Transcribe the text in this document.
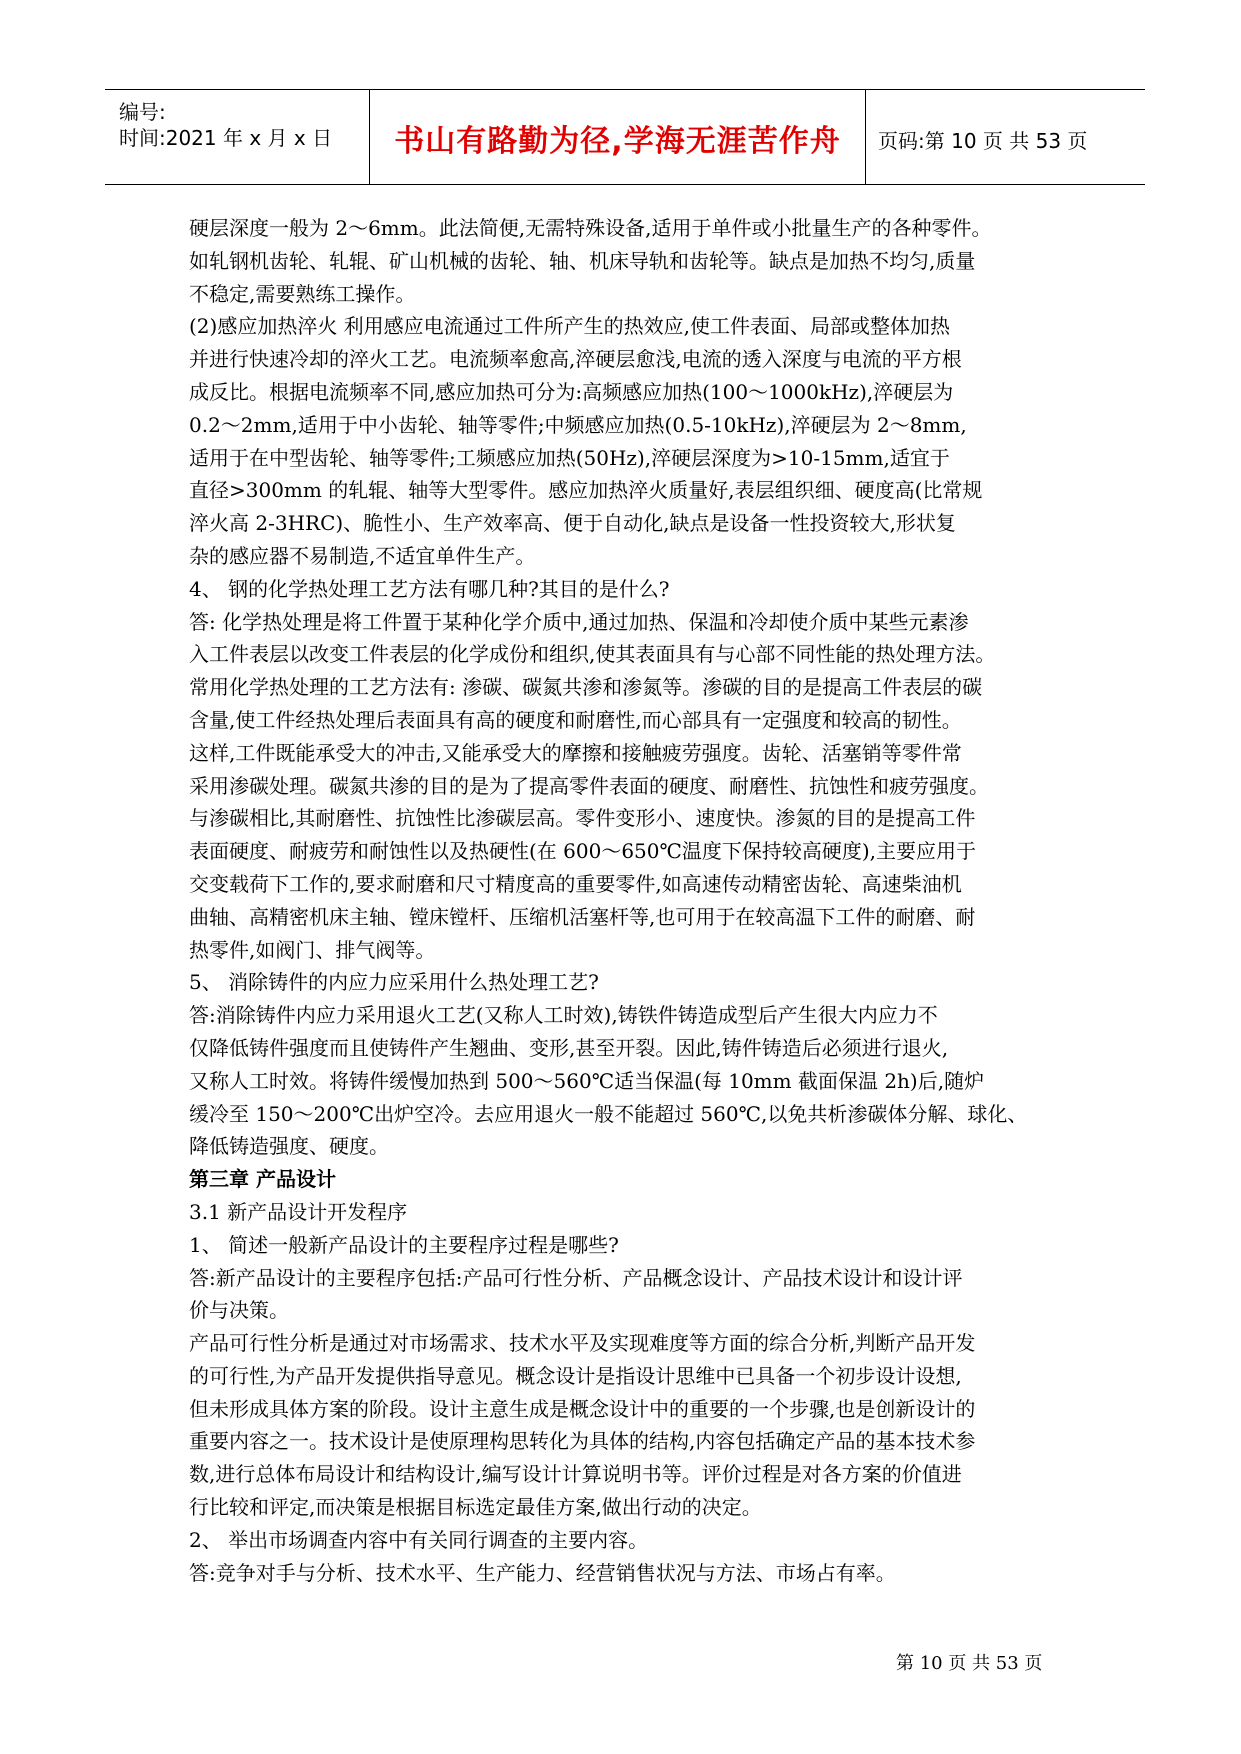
编号:
时间:2021 年 x 月 x 日	书山有路勤为径,学海无涯苦作舟	页码:第 10 页 共 53 页
硬层深度一般为 2～6mm。此法简便,无需特殊设备,适用于单件或小批量生产的各种零件。
如轧钢机齿轮、轧辊、矿山机械的齿轮、轴、机床导轨和齿轮等。缺点是加热不均匀,质量
不稳定,需要熟练工操作。
(2)感应加热淬火 利用感应电流通过工件所产生的热效应,使工件表面、局部或整体加热
并进行快速冷却的淬火工艺。电流频率愈高,淬硬层愈浅,电流的透入深度与电流的平方根
成反比。根据电流频率不同,感应加热可分为:高频感应加热(100～1000kHz),淬硬层为
0.2～2mm,适用于中小齿轮、轴等零件;中频感应加热(0.5-10kHz),淬硬层为 2～8mm,
适用于在中型齿轮、轴等零件;工频感应加热(50Hz),淬硬层深度为>10-15mm,适宜于
直径>300mm 的轧辊、轴等大型零件。感应加热淬火质量好,表层组织细、硬度高(比常规
淬火高 2-3HRC)、脆性小、生产效率高、便于自动化,缺点是设备一性投资较大,形状复
杂的感应器不易制造,不适宜单件生产。
4、 钢的化学热处理工艺方法有哪几种?其目的是什么?
答: 化学热处理是将工件置于某种化学介质中,通过加热、保温和冷却使介质中某些元素渗
入工件表层以改变工件表层的化学成份和组织,使其表面具有与心部不同性能的热处理方法。
常用化学热处理的工艺方法有: 渗碳、碳氮共渗和渗氮等。渗碳的目的是提高工件表层的碳
含量,使工件经热处理后表面具有高的硬度和耐磨性,而心部具有一定强度和较高的韧性。
这样,工件既能承受大的冲击,又能承受大的摩擦和接触疲劳强度。齿轮、活塞销等零件常
采用渗碳处理。碳氮共渗的目的是为了提高零件表面的硬度、耐磨性、抗蚀性和疲劳强度。
与渗碳相比,其耐磨性、抗蚀性比渗碳层高。零件变形小、速度快。渗氮的目的是提高工件
表面硬度、耐疲劳和耐蚀性以及热硬性(在 600～650℃温度下保持较高硬度),主要应用于
交变载荷下工作的,要求耐磨和尺寸精度高的重要零件,如高速传动精密齿轮、高速柴油机
曲轴、高精密机床主轴、镗床镗杆、压缩机活塞杆等,也可用于在较高温下工件的耐磨、耐
热零件,如阀门、排气阀等。
5、 消除铸件的内应力应采用什么热处理工艺?
答:消除铸件内应力采用退火工艺(又称人工时效),铸铁件铸造成型后产生很大内应力不
仅降低铸件强度而且使铸件产生翘曲、变形,甚至开裂。因此,铸件铸造后必须进行退火,
又称人工时效。将铸件缓慢加热到 500～560℃适当保温(每 10mm 截面保温 2h)后,随炉
缓冷至 150～200℃出炉空冷。去应用退火一般不能超过 560℃,以免共析渗碳体分解、球化、
降低铸造强度、硬度。
第三章 产品设计
3.1 新产品设计开发程序
1、 简述一般新产品设计的主要程序过程是哪些?
答:新产品设计的主要程序包括:产品可行性分析、产品概念设计、产品技术设计和设计评
价与决策。
产品可行性分析是通过对市场需求、技术水平及实现难度等方面的综合分析,判断产品开发
的可行性,为产品开发提供指导意见。概念设计是指设计思维中已具备一个初步设计设想,
但未形成具体方案的阶段。设计主意生成是概念设计中的重要的一个步骤,也是创新设计的
重要内容之一。技术设计是使原理构思转化为具体的结构,内容包括确定产品的基本技术参
数,进行总体布局设计和结构设计,编写设计计算说明书等。评价过程是对各方案的价值进
行比较和评定,而决策是根据目标选定最佳方案,做出行动的决定。
2、 举出市场调查内容中有关同行调查的主要内容。
答:竞争对手与分析、技术水平、生产能力、经营销售状况与方法、市场占有率。
第 10 页 共 53 页
